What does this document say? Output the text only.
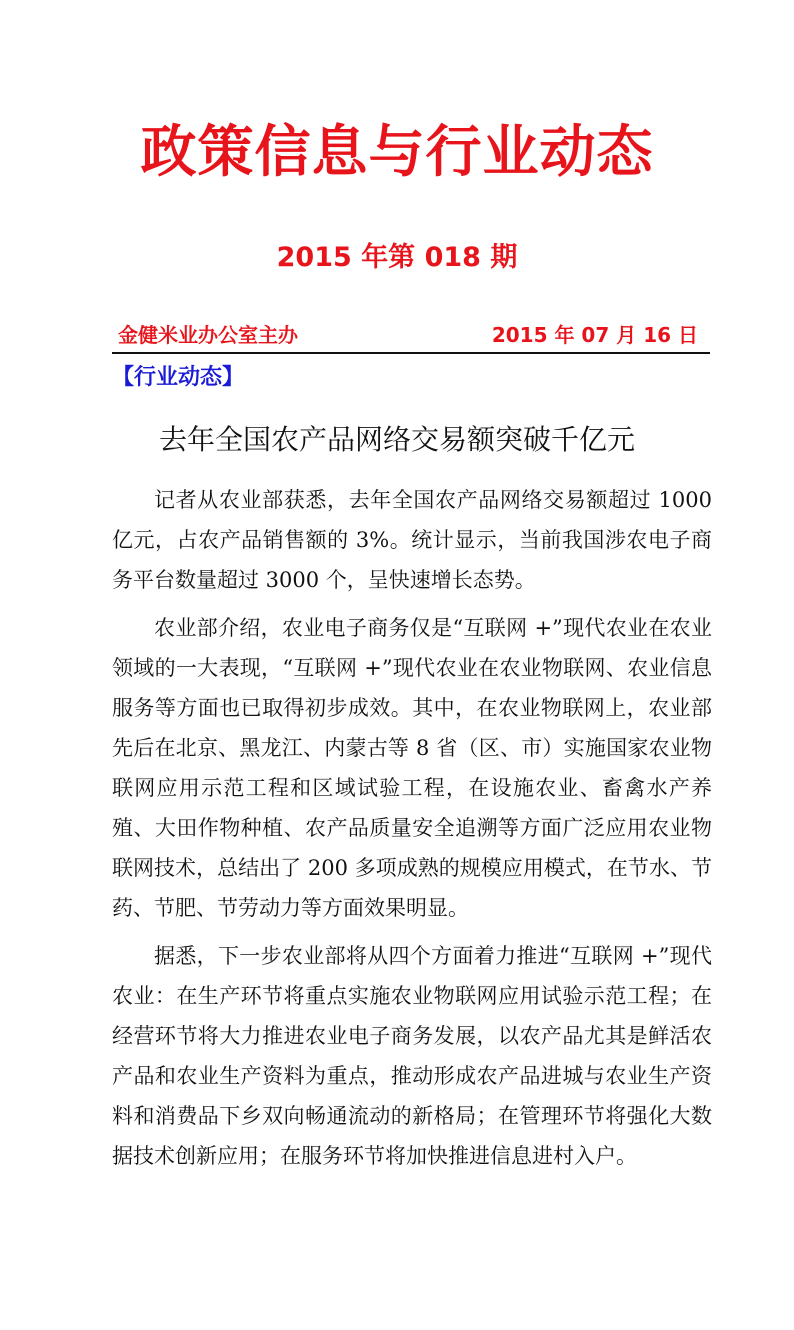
政策信息与行业动态
2015 年第 018 期
金健米业办公室主办	2015 年 07 月 16 日
【行业动态】
去年全国农产品网络交易额突破千亿元

记者从农业部获悉，去年全国农产品网络交易额超过 1000 亿元，占农产品销售额的 3%。统计显示，当前我国涉农电子商务平台数量超过 3000 个，呈快速增长态势。

农业部介绍，农业电子商务仅是“互联网 +”现代农业在农业领域的一大表现，“互联网 +”现代农业在农业物联网、农业信息服务等方面也已取得初步成效。其中，在农业物联网上，农业部先后在北京、黑龙江、内蒙古等 8 省（区、市）实施国家农业物联网应用示范工程和区域试验工程，在设施农业、畜禽水产养殖、大田作物种植、农产品质量安全追溯等方面广泛应用农业物联网技术，总结出了 200 多项成熟的规模应用模式，在节水、节药、节肥、节劳动力等方面效果明显。

据悉，下一步农业部将从四个方面着力推进“互联网 +”现代农业：在生产环节将重点实施农业物联网应用试验示范工程；在经营环节将大力推进农业电子商务发展，以农产品尤其是鲜活农产品和农业生产资料为重点，推动形成农产品进城与农业生产资料和消费品下乡双向畅通流动的新格局；在管理环节将强化大数据技术创新应用；在服务环节将加快推进信息进村入户。
